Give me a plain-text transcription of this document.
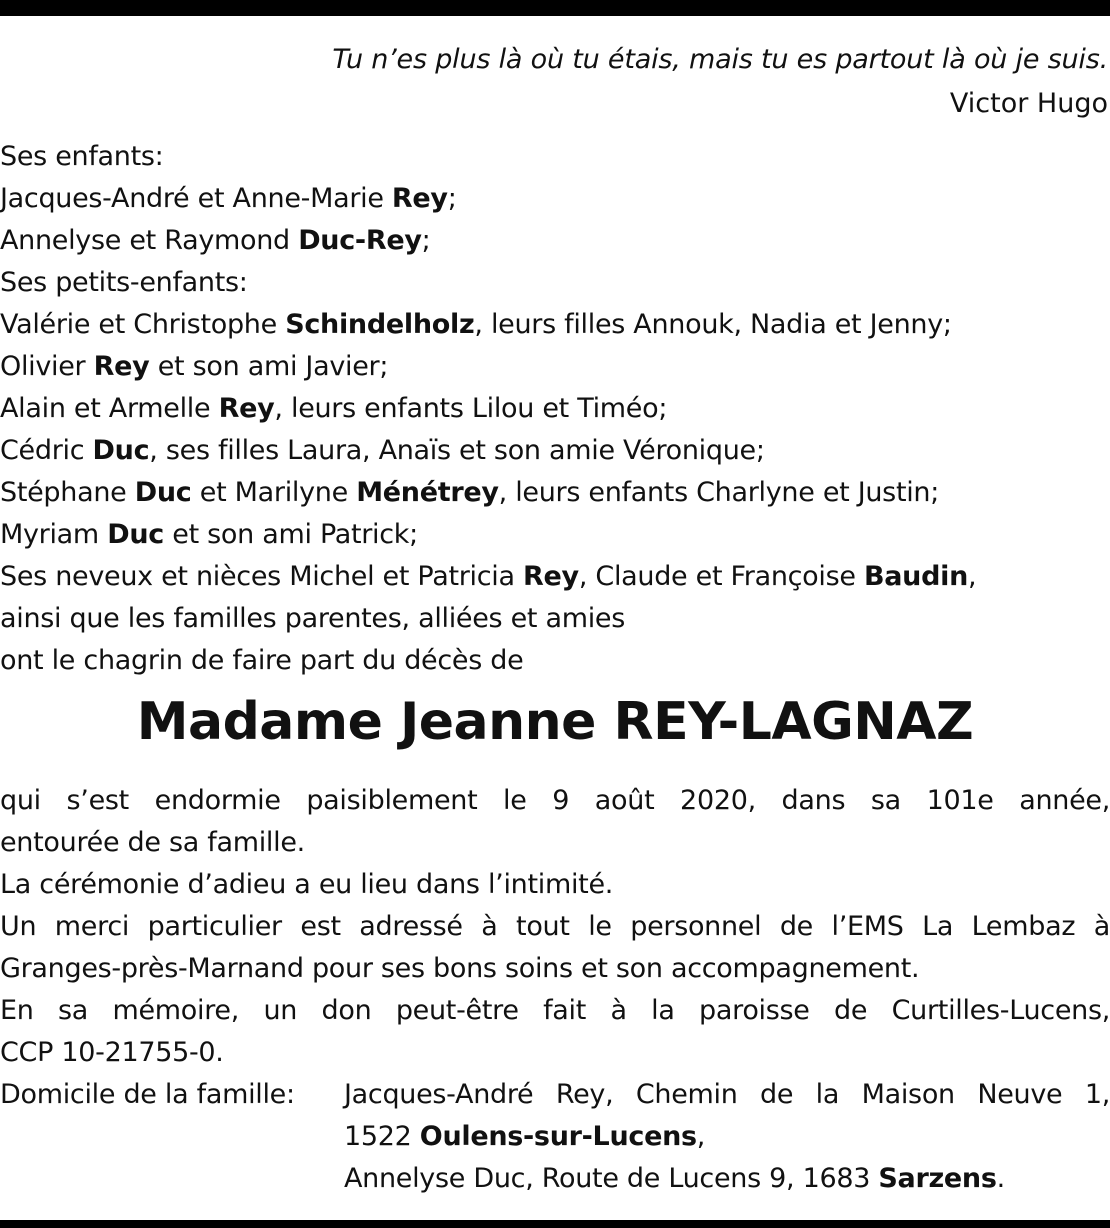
Tu n’es plus là où tu étais, mais tu es partout là où je suis.
Victor Hugo
Ses enfants:
Jacques-André et Anne-Marie Rey;
Annelyse et Raymond Duc-Rey;
Ses petits-enfants:
Valérie et Christophe Schindelholz, leurs filles Annouk, Nadia et Jenny;
Olivier Rey et son ami Javier;
Alain et Armelle Rey, leurs enfants Lilou et Timéo;
Cédric Duc, ses filles Laura, Anaïs et son amie Véronique;
Stéphane Duc et Marilyne Ménétrey, leurs enfants Charlyne et Justin;
Myriam Duc et son ami Patrick;
Ses neveux et nièces Michel et Patricia Rey, Claude et Françoise Baudin,
ainsi que les familles parentes, alliées et amies
ont le chagrin de faire part du décès de
Madame Jeanne REY-LAGNAZ
qui s’est endormie paisiblement le 9 août 2020, dans sa 101e année,
entourée de sa famille.
La cérémonie d’adieu a eu lieu dans l’intimité.
Un merci particulier est adressé à tout le personnel de l’EMS La Lembaz à
Granges-près-Marnand pour ses bons soins et son accompagnement.
En sa mémoire, un don peut-être fait à la paroisse de Curtilles-Lucens,
CCP 10-21755-0.
Domicile de la famille:	Jacques-André Rey, Chemin de la Maison Neuve 1,
1522 Oulens-sur-Lucens,
Annelyse Duc, Route de Lucens 9, 1683 Sarzens.
